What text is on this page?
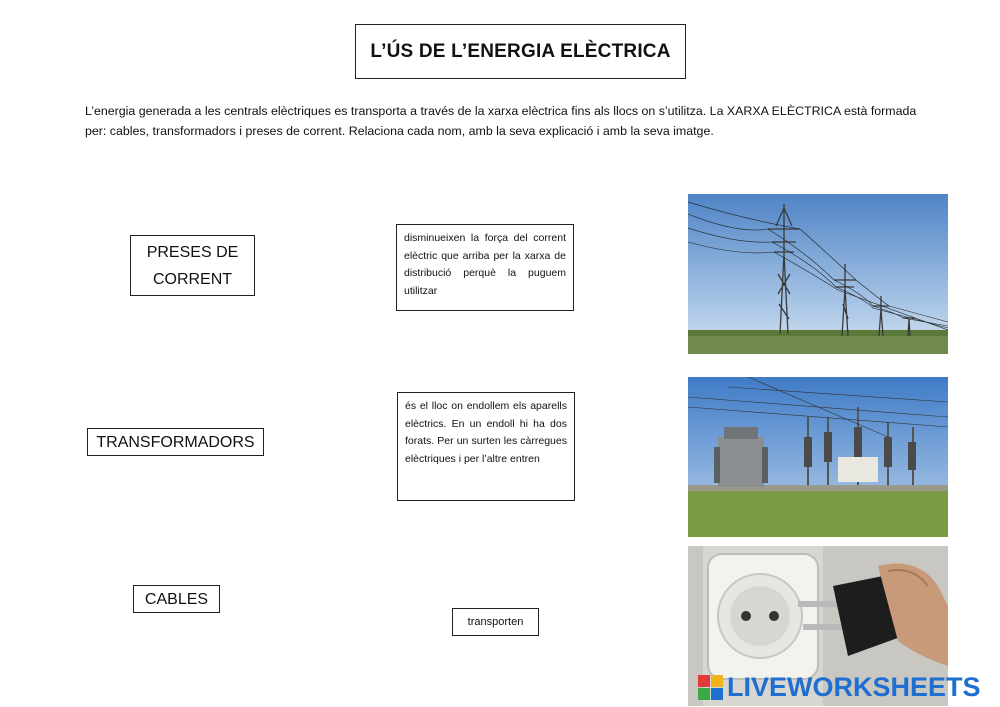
L’ÚS DE L’ENERGIA ELÈCTRICA
L’energia generada a les centrals elèctriques es transporta a través de la xarxa elèctrica fins als llocs on s’utilitza. La XARXA ELÈCTRICA està formada per: cables, transformadors i preses de corrent. Relaciona cada nom, amb la seva explicació i amb la seva imatge.
PRESES DE CORRENT
TRANSFORMADORS
CABLES
disminueixen la força del corrent elèctric que arriba per la xarxa de distribució perquè la puguem utilitzar
és el lloc on endollem els aparells elèctrics. En un endoll hi ha dos forats. Per un surten les càrregues elèctriques i per l’altre entren
transporten
LIVEWORKSHEETS
